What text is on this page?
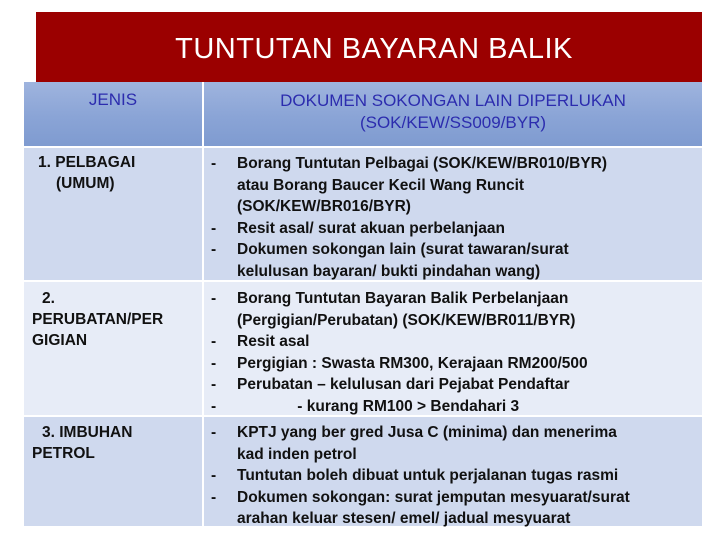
TUNTUTAN BAYARAN BALIK
JENIS	DOKUMEN SOKONGAN LAIN DIPERLUKAN
(SOK/KEW/SS009/BYR)
1. PELBAGAI
(UMUM)
-	Borang Tuntutan Pelbagai (SOK/KEW/BR010/BYR)
atau Borang Baucer Kecil Wang Runcit
(SOK/KEW/BR016/BYR)
-	Resit asal/ surat akuan perbelanjaan
-	Dokumen sokongan lain (surat tawaran/surat
kelulusan bayaran/ bukti pindahan wang)
2.
PERUBATAN/PER
GIGIAN
-	Borang Tuntutan Bayaran Balik Perbelanjaan
(Pergigian/Perubatan) (SOK/KEW/BR011/BYR)
-	Resit asal
-	Pergigian : Swasta RM300, Kerajaan RM200/500
-	Perubatan – kelulusan dari Pejabat Pendaftar
-	- kurang RM100 > Bendahari 3
3. IMBUHAN
PETROL
-	KPTJ yang ber gred Jusa C (minima) dan menerima
kad inden petrol
-	Tuntutan boleh dibuat untuk perjalanan tugas rasmi
-	Dokumen sokongan: surat jemputan mesyuarat/surat
arahan keluar stesen/ emel/ jadual mesyuarat
